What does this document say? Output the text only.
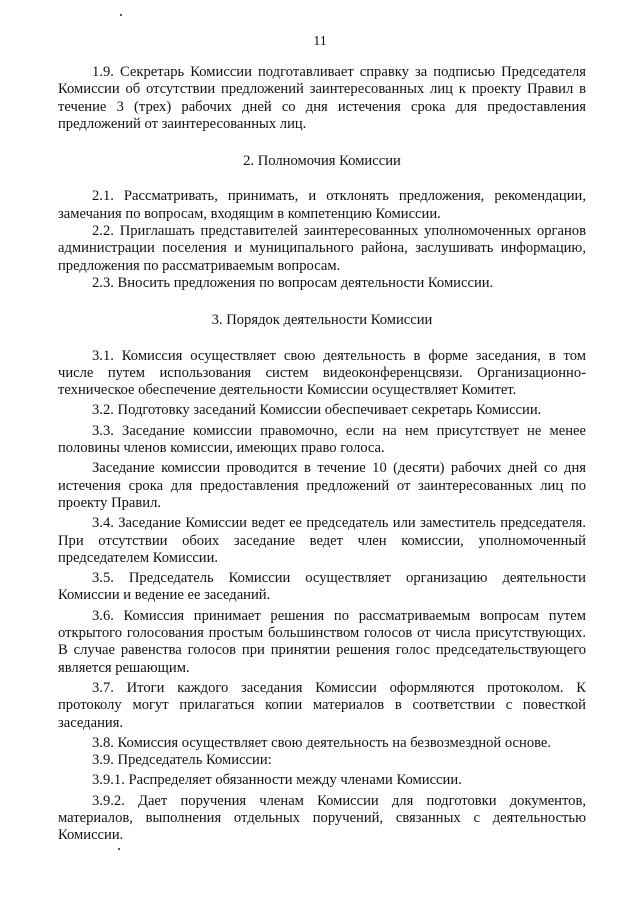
11

1.9. Секретарь Комиссии подготавливает справку за подписью Председателя Комиссии об отсутствии предложений заинтересованных лиц к проекту Правил в течение 3 (трех) рабочих дней со дня истечения срока для предоставления предложений от заинтересованных лиц.

2. Полномочия Комиссии

2.1. Рассматривать, принимать, и отклонять предложения, рекомендации, замечания по вопросам, входящим в компетенцию Комиссии.

2.2. Приглашать представителей заинтересованных уполномоченных органов администрации поселения и муниципального района, заслушивать информацию, предложения по рассматриваемым вопросам.

2.3. Вносить предложения по вопросам деятельности Комиссии.

3. Порядок деятельности Комиссии

3.1. Комиссия осуществляет свою деятельность в форме заседания, в том числе путем использования систем видеоконференцсвязи. Организационно-техническое обеспечение деятельности Комиссии осуществляет Комитет.

3.2. Подготовку заседаний Комиссии обеспечивает секретарь Комиссии.

3.3. Заседание комиссии правомочно, если на нем присутствует не менее половины членов комиссии, имеющих право голоса.

Заседание комиссии проводится в течение 10 (десяти) рабочих дней со дня истечения срока для предоставления предложений от заинтересованных лиц по проекту Правил.

3.4. Заседание Комиссии ведет ее председатель или заместитель председателя. При отсутствии обоих заседание ведет член комиссии, уполномоченный председателем Комиссии.

3.5. Председатель Комиссии осуществляет организацию деятельности Комиссии и ведение ее заседаний.

3.6. Комиссия принимает решения по рассматриваемым вопросам путем открытого голосования простым большинством голосов от числа присутствующих. В случае равенства голосов при принятии решения голос председательствующего является решающим.

3.7. Итоги каждого заседания Комиссии оформляются протоколом. К протоколу могут прилагаться копии материалов в соответствии с повесткой заседания.

3.8. Комиссия осуществляет свою деятельность на безвозмездной основе.

3.9. Председатель Комиссии:

3.9.1. Распределяет обязанности между членами Комиссии.

3.9.2. Дает поручения членам Комиссии для подготовки документов, материалов, выполнения отдельных поручений, связанных с деятельностью Комиссии.
